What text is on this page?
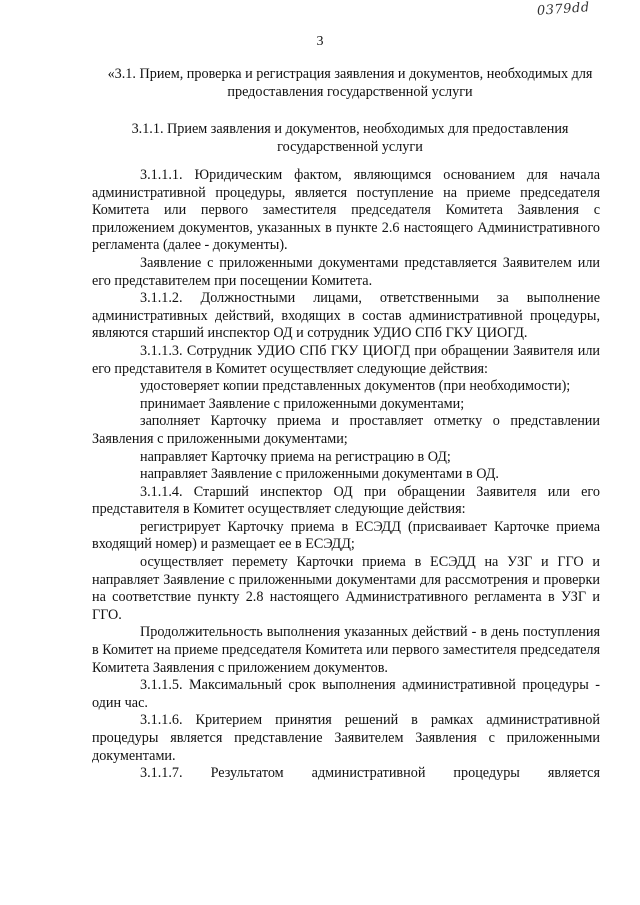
0379dd
3
«3.1. Прием, проверка и регистрация заявления и документов, необходимых для предоставления государственной услуги
3.1.1. Прием заявления и документов, необходимых для предоставления государственной услуги

3.1.1.1. Юридическим фактом, являющимся основанием для начала административной процедуры, является поступление на приеме председателя Комитета или первого заместителя председателя Комитета Заявления с приложением документов, указанных в пункте 2.6 настоящего Административного регламента (далее - документы).

Заявление с приложенными документами представляется Заявителем или его представителем при посещении Комитета.

3.1.1.2. Должностными лицами, ответственными за выполнение административных действий, входящих в состав административной процедуры, являются старший инспектор ОД и сотрудник УДИО СПб ГКУ ЦИОГД.

3.1.1.3. Сотрудник УДИО СПб ГКУ ЦИОГД при обращении Заявителя или его представителя в Комитет осуществляет следующие действия:

удостоверяет копии представленных документов (при необходимости);

принимает Заявление с приложенными документами;

заполняет Карточку приема и проставляет отметку о представлении Заявления с приложенными документами;

направляет Карточку приема на регистрацию в ОД;

направляет Заявление с приложенными документами в ОД.

3.1.1.4. Старший инспектор ОД при обращении Заявителя или его представителя в Комитет осуществляет следующие действия:

регистрирует Карточку приема в ЕСЭДД (присваивает Карточке приема входящий номер) и размещает ее в ЕСЭДД;

осуществляет перемету Карточки приема в ЕСЭДД на УЗГ и ГГО и направляет Заявление с приложенными документами для рассмотрения и проверки на соответствие пункту 2.8 настоящего Административного регламента в УЗГ и ГГО.

Продолжительность выполнения указанных действий - в день поступления в Комитет на приеме председателя Комитета или первого заместителя председателя Комитета Заявления с приложением документов.

3.1.1.5. Максимальный срок выполнения административной процедуры - один час.

3.1.1.6. Критерием принятия решений в рамках административной процедуры является представление Заявителем Заявления с приложенными документами.

3.1.1.7. Результатом административной процедуры является
